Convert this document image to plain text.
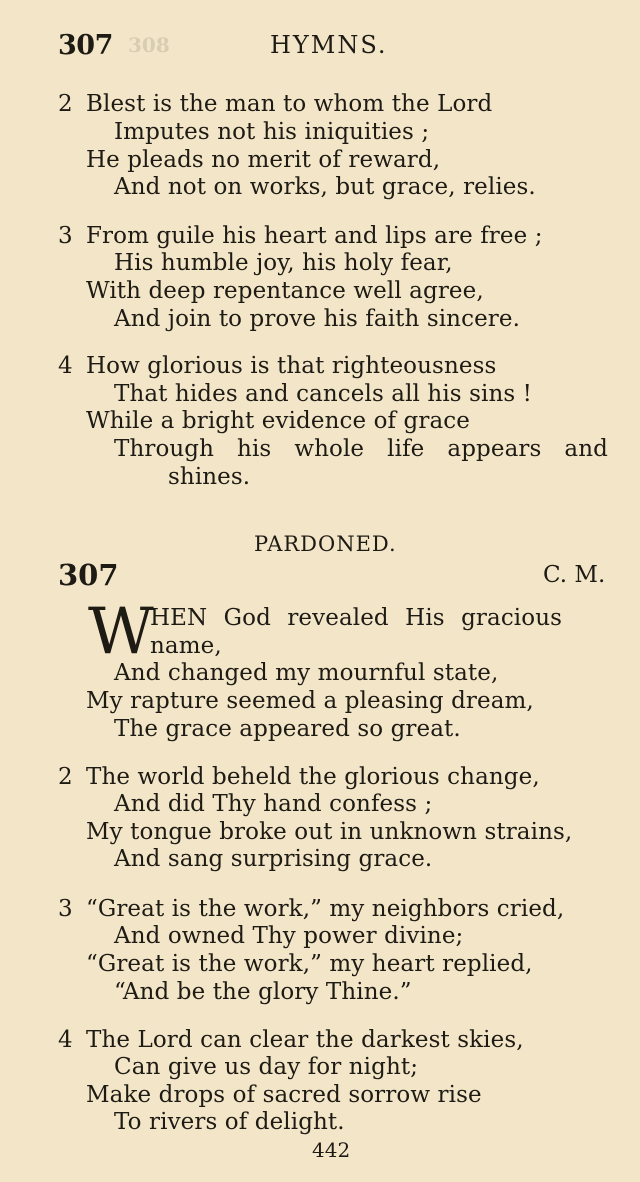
307 308	HYMNS.
2 Blest is the man to whom the Lord
Imputes not his iniquities ;
He pleads no merit of reward,
And not on works, but grace, relies.
3 From guile his heart and lips are free ;
His humble joy, his holy fear,
With deep repentance well agree,
And join to prove his faith sincere.
4 How glorious is that righteousness
That hides and cancels all his sins !
While a bright evidence of grace
Through his whole life appears and
shines.
PARDONED.
307	C. M.
W
HEN God revealed His gracious
name,
And changed my mournful state,
My rapture seemed a pleasing dream,
The grace appeared so great.
2 The world beheld the glorious change,
And did Thy hand confess ;
My tongue broke out in unknown strains,
And sang surprising grace.
3 “Great is the work,” my neighbors cried,
And owned Thy power divine;
“Great is the work,” my heart replied,
“And be the glory Thine.”
4 The Lord can clear the darkest skies,
Can give us day for night;
Make drops of sacred sorrow rise
To rivers of delight.
442
